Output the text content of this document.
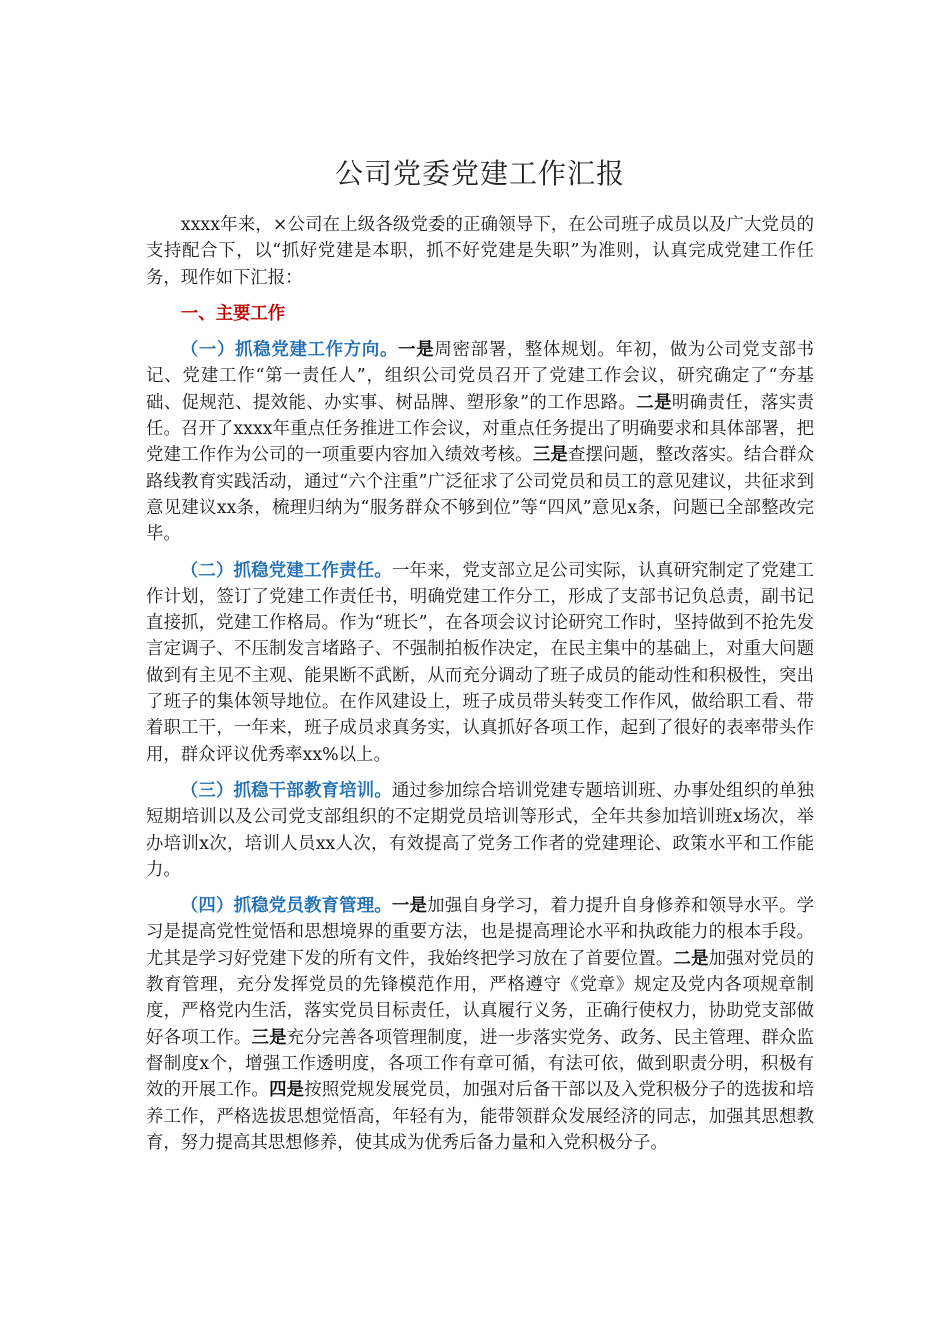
公司党委党建工作汇报

xxxx年来，×公司在上级各级党委的正确领导下，在公司班子成员以及广大党员的支持配合下，以“抓好党建是本职，抓不好党建是失职”为准则，认真完成党建工作任务，现作如下汇报：

一、主要工作

（一）抓稳党建工作方向。一是周密部署，整体规划。年初，做为公司党支部书记、党建工作“第一责任人”，组织公司党员召开了党建工作会议，研究确定了“夯基础、促规范、提效能、办实事、树品牌、塑形象”的工作思路。二是明确责任，落实责任。召开了xxxx年重点任务推进工作会议，对重点任务提出了明确要求和具体部署，把党建工作作为公司的一项重要内容加入绩效考核。三是查摆问题，整改落实。结合群众路线教育实践活动，通过“六个注重”广泛征求了公司党员和员工的意见建议，共征求到意见建议xx条，梳理归纳为“服务群众不够到位”等“四风”意见x条，问题已全部整改完毕。

（二）抓稳党建工作责任。一年来，党支部立足公司实际，认真研究制定了党建工作计划，签订了党建工作责任书，明确党建工作分工，形成了支部书记负总责，副书记直接抓，党建工作格局。作为“班长”，在各项会议讨论研究工作时，坚持做到不抢先发言定调子、不压制发言堵路子、不强制拍板作决定，在民主集中的基础上，对重大问题做到有主见不主观、能果断不武断，从而充分调动了班子成员的能动性和积极性，突出了班子的集体领导地位。在作风建设上，班子成员带头转变工作作风，做给职工看、带着职工干，一年来，班子成员求真务实，认真抓好各项工作，起到了很好的表率带头作用，群众评议优秀率xx%以上。

（三）抓稳干部教育培训。通过参加综合培训党建专题培训班、办事处组织的单独短期培训以及公司党支部组织的不定期党员培训等形式，全年共参加培训班x场次，举办培训x次，培训人员xx人次，有效提高了党务工作者的党建理论、政策水平和工作能力。

（四）抓稳党员教育管理。一是加强自身学习，着力提升自身修养和领导水平。学习是提高党性觉悟和思想境界的重要方法，也是提高理论水平和执政能力的根本手段。尤其是学习好党建下发的所有文件，我始终把学习放在了首要位置。二是加强对党员的教育管理，充分发挥党员的先锋模范作用，严格遵守《党章》规定及党内各项规章制度，严格党内生活，落实党员目标责任，认真履行义务，正确行使权力，协助党支部做好各项工作。三是充分完善各项管理制度，进一步落实党务、政务、民主管理、群众监督制度x个，增强工作透明度，各项工作有章可循，有法可依，做到职责分明，积极有效的开展工作。四是按照党规发展党员，加强对后备干部以及入党积极分子的选拔和培养工作，严格选拔思想觉悟高，年轻有为，能带领群众发展经济的同志，加强其思想教育，努力提高其思想修养，使其成为优秀后备力量和入党积极分子。
